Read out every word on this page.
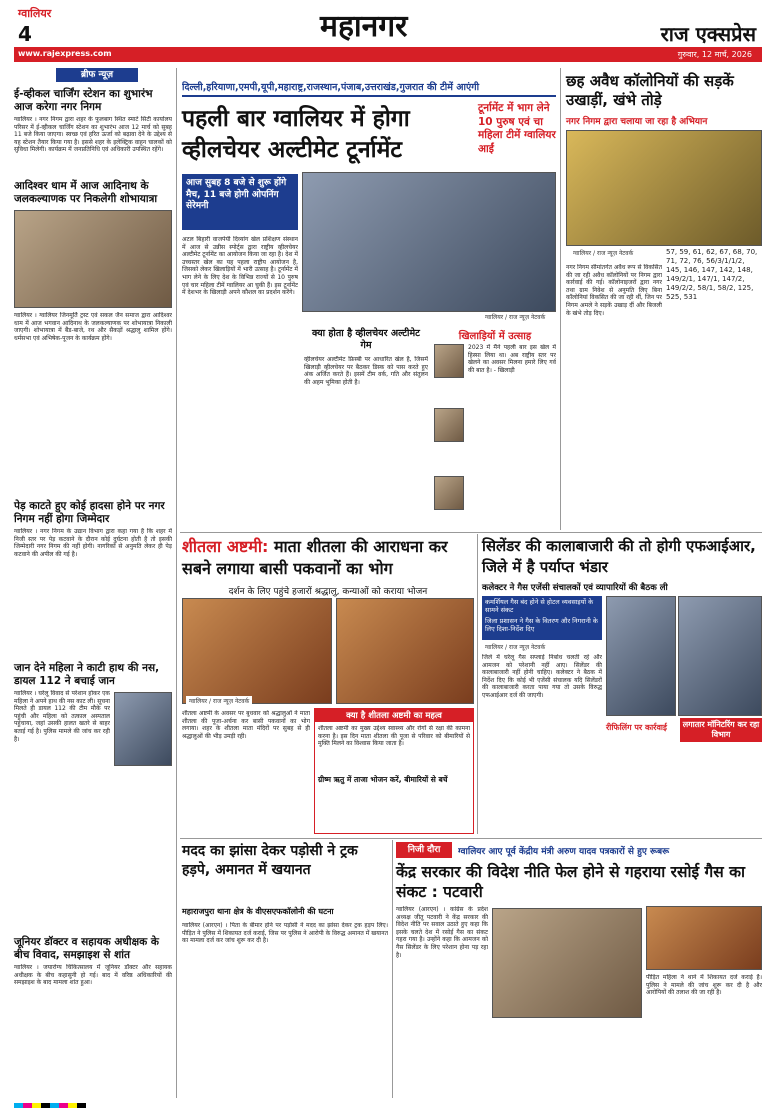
ग्वालियर
4	महानगर	राज एक्सप्रेस
www.rajexpress.com	गुरुवार, 12 मार्च, 2026
ब्रीफ न्यूज़
ई-व्हीकल चार्जिंग स्टेशन का शुभारंभ आज करेगा नगर निगम
ग्वालियर । नगर निगम द्वारा शहर के फूलबाग स्थित स्मार्ट सिटी कार्यालय परिसर में ई-व्हीकल चार्जिंग स्टेशन का शुभारंभ आज 12 मार्च को सुबह 11 बजे किया जाएगा। स्वच्छ एवं हरित ऊर्जा को बढ़ावा देने के उद्देश्य से यह स्टेशन तैयार किया गया है। इससे शहर के इलेक्ट्रिक वाहन चालकों को सुविधा मिलेगी। कार्यक्रम में जनप्रतिनिधि एवं अधिकारी उपस्थित रहेंगे।
आदिश्वर धाम में आज आदिनाथ के जलकल्याणक पर निकलेगी शोभायात्रा
ग्वालियर । ग्वालियर जिनमूर्ति ट्रस्ट एवं सकल जैन समाज द्वारा आदिश्वर धाम में आज भगवान आदिनाथ के जलकल्याणक पर शोभायात्रा निकाली जाएगी। शोभायात्रा में बैंड-बाजे, रथ और सैकड़ों श्रद्धालु शामिल होंगे। धर्मसभा एवं अभिषेक-पूजन के कार्यक्रम होंगे।
पेड़ काटते हुए कोई हादसा होने पर नगर निगम नहीं होगा जिम्मेदार
ग्वालियर । नगर निगम के उद्यान विभाग द्वारा कहा गया है कि शहर में निजी स्तर पर पेड़ कटवाने के दौरान कोई दुर्घटना होती है तो इसकी जिम्मेदारी नगर निगम की नहीं होगी। नागरिकों से अनुमति लेकर ही पेड़ कटवाने की अपील की गई है।
जान देने महिला ने काटी हाथ की नस, डायल 112 ने बचाई जान
ग्वालियर । घरेलू विवाद से परेशान होकर एक महिला ने अपने हाथ की नस काट ली। सूचना मिलते ही डायल 112 की टीम मौके पर पहुंची और महिला को तत्काल अस्पताल पहुंचाया, जहां उसकी हालत खतरे से बाहर बताई गई है। पुलिस मामले की जांच कर रही है।
जूनियर डॉक्टर व सहायक अधीक्षक के बीच विवाद, समझाइश से शांत
ग्वालियर । जयारोग्य चिकित्सालय में जूनियर डॉक्टर और सहायक अधीक्षक के बीच कहासुनी हो गई। बाद में वरिष्ठ अधिकारियों की समझाइश के बाद मामला शांत हुआ।
दिल्ली,हरियाणा,एमपी,यूपी,महाराष्ट्र,राजस्थान,पंजाब,उत्तराखंड,गुजरात की टीमें आएंगी
पहली बार ग्वालियर में होगा व्हीलचेयर अल्टीमेट टूर्नामेंट
टूर्नामेंट में भाग लेने 10 पुरुष एवं चा महिला टीमें ग्वालियर आईं
आज सुबह 8 बजे से शुरू होंगे मैच, 11 बजे होगी ओपनिंग सेरेमनी
ग्वालियर / राज न्यूज़ नेटवर्क
अटल बिहारी वाजपेयी दिव्यांग खेल प्रशिक्षण संस्थान में आज से उन्नीस स्पोर्ट्स द्वारा राष्ट्रीय व्हीलचेयर अल्टीमेट टूर्नामेंट का आयोजन किया जा रहा है। देश में उच्चस्तर खेल का यह पहला राष्ट्रीय आयोजन है, जिसको लेकर खिलाड़ियों में भारी उत्साह है। टूर्नामेंट में भाग लेने के लिए देश के विभिन्न राज्यों से 10 पुरुष एवं चार महिला टीमें ग्वालियर आ चुकी हैं। इस टूर्नामेंट में देशभर के खिलाड़ी अपने कौशल का प्रदर्शन करेंगे।
क्या होता है व्हीलचेयर अल्टीमेट गेम
व्हीलचेयर अल्टीमेट फ्रिस्बी पर आधारित खेल है, जिसमें खिलाड़ी व्हीलचेयर पर बैठकर डिस्क को पास करते हुए अंक अर्जित करते हैं। इसमें टीम वर्क, गति और संतुलन की अहम भूमिका होती है।
खिलाड़ियों में उत्साह
2023 में मैंने पहली बार इस खेल में हिस्सा लिया था। अब राष्ट्रीय स्तर पर खेलने का अवसर मिलना हमारे लिए गर्व की बात है। - खिलाड़ी
छह अवैध कॉलोनियों की सड़कें उखाड़ीं, खंभे तोड़े
नगर निगम द्वारा चलाया जा रहा है अभियान
ग्वालियर / राज न्यूज़ नेटवर्क
नगर निगम सीमांतर्गत अवैध रूप से विकसित की जा रही अवैध कॉलोनियों पर निगम द्वारा कार्रवाई की गई। कॉलोनाइजरों द्वारा नगर तथा ग्राम निवेश से अनुमति लिए बिना कॉलोनियां विकसित की जा रही थीं, जिन पर निगम अमले ने सड़कें उखाड़ दीं और बिजली के खंभे तोड़ दिए।
57, 59, 61, 62, 67, 68, 70, 71, 72, 76, 56/3/1/1/2, 145, 146, 147, 142, 148, 149/2/1, 147/1, 147/2, 149/2/2, 58/1, 58/2, 125, 525, 531
शीतला अष्टमी: माता शीतला की आराधना कर सबने लगाया बासी पकवानों का भोग
दर्शन के लिए पहुंचे हजारों श्रद्धालु, कन्याओं को कराया भोजन
ग्वालियर / राज न्यूज़ नेटवर्क
शीतला अष्टमी के अवसर पर बुधवार को श्रद्धालुओं ने माता शीतला की पूजा-अर्चना कर बासी पकवानों का भोग लगाया। शहर के शीतला माता मंदिरों पर सुबह से ही श्रद्धालुओं की भीड़ उमड़ी रही।
क्या है शीतला अष्टमी का महत्व
शीतला अष्टमी का मुख्य उद्देश्य स्वास्थ्य और रोगों से रक्षा की कामना करना है। इस दिन माता शीतला की पूजा से परिवार को बीमारियों से मुक्ति मिलने का विश्वास किया जाता है।
ग्रीष्म ऋतु में ताजा भोजन करें, बीमारियों से बचें
सिलेंडर की कालाबाजारी की तो होगी एफआईआर, जिले में है पर्याप्त भंडार
कलेक्टर ने गैस एजेंसी संचालकों एवं व्यापारियों की बैठक ली
कमर्शियल गैस बंद होने से होटल व्यवसाइयों के सामने संकट
जिला प्रशासन ने गैस के वितरण और निगरानी के लिए दिशा-निर्देश दिए
ग्वालियर / राज न्यूज़ नेटवर्क
जिले में घरेलू गैस सप्लाई निर्बाध चलती रहे और आमजन को परेशानी नहीं आए। सिलेंडर की कालाबाजारी नहीं होनी चाहिए। कलेक्टर ने बैठक में निर्देश दिए कि कोई भी एजेंसी संचालक यदि सिलेंडरों की कालाबाजारी करता पाया गया तो उसके विरुद्ध एफआईआर दर्ज की जाएगी।
रीफिलिंग पर कार्रवाई	लगातार मॉनिटरिंग कर रहा विभाग
मदद का झांसा देकर पड़ोसी ने ट्रक हड़पे, अमानत में खयानत
महाराजपुरा थाना क्षेत्र के वीएसएफकॉलोनी की घटना
ग्वालियर (आरएन) । पिता के बीमार होने पर पड़ोसी ने मदद का झांसा देकर ट्रक हड़प लिए। पीड़ित ने पुलिस में शिकायत दर्ज कराई, जिस पर पुलिस ने आरोपी के विरुद्ध अमानत में खयानत का मामला दर्ज कर जांच शुरू कर दी है।
निजी दौरा	ग्वालियर आए पूर्व केंद्रीय मंत्री अरुण यादव पत्रकारों से हुए रूबरू
केंद्र सरकार की विदेश नीति फेल होने से गहराया रसोई गैस का संकट : पटवारी
ग्वालियर (आरएन) । कांग्रेस के प्रदेश अध्यक्ष जीतू पटवारी ने केंद्र सरकार की विदेश नीति पर सवाल उठाते हुए कहा कि इसके चलते देश में रसोई गैस का संकट गहरा गया है। उन्होंने कहा कि आमजन को गैस सिलेंडर के लिए परेशान होना पड़ रहा है।
पीड़ित महिला ने थाने में शिकायत दर्ज कराई है। पुलिस ने मामले की जांच शुरू कर दी है और आरोपियों की तलाश की जा रही है।
